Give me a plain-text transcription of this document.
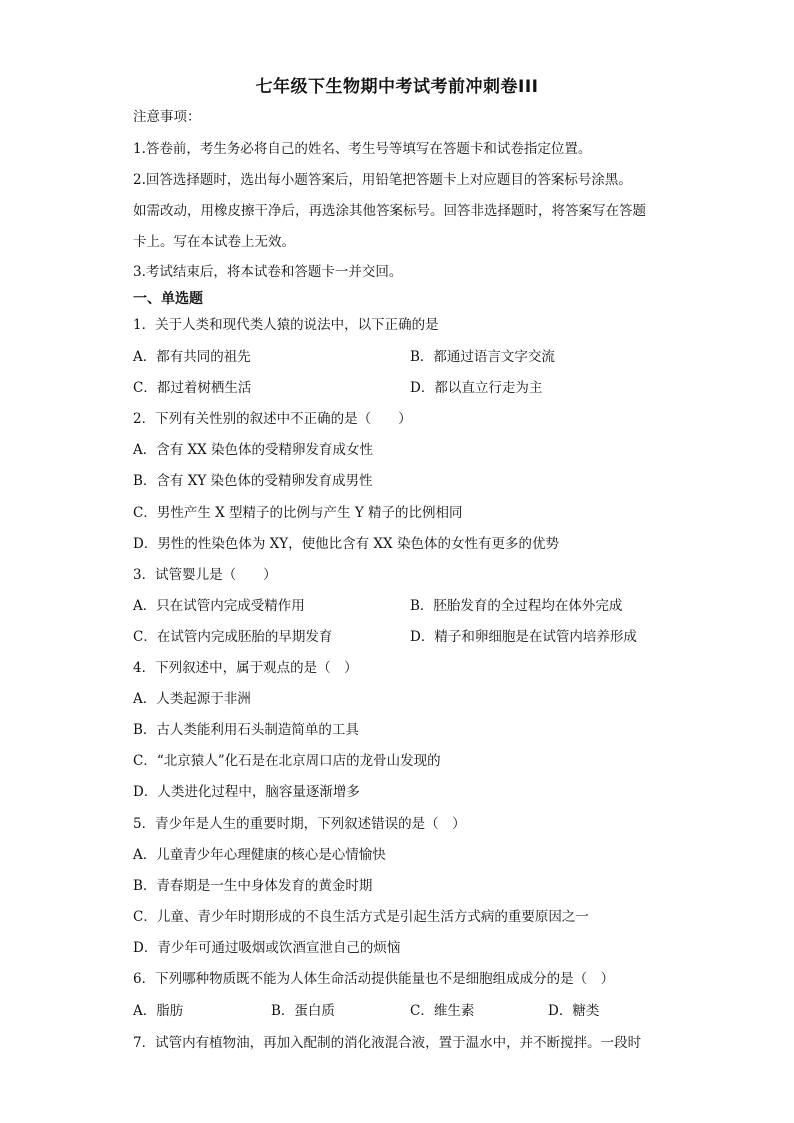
七年级下生物期中考试考前冲刺卷III
注意事项：
1.答卷前，考生务必将自己的姓名、考生号等填写在答题卡和试卷指定位置。
2.回答选择题时，选出每小题答案后，用铅笔把答题卡上对应题目的答案标号涂黑。
如需改动，用橡皮擦干净后，再选涂其他答案标号。回答非选择题时，将答案写在答题
卡上。写在本试卷上无效。
3.考试结束后，将本试卷和答题卡一并交回。
一、单选题
1．关于人类和现代类人猿的说法中，以下正确的是
A．都有共同的祖先	B．都通过语言文字交流
C．都过着树栖生活	D．都以直立行走为主
2．下列有关性别的叙述中不正确的是（　　）
A．含有 XX 染色体的受精卵发育成女性
B．含有 XY 染色体的受精卵发育成男性
C．男性产生 X 型精子的比例与产生 Y 精子的比例相同
D．男性的性染色体为 XY，使他比含有 XX 染色体的女性有更多的优势
3．试管婴儿是（　　）
A．只在试管内完成受精作用	B．胚胎发育的全过程均在体外完成
C．在试管内完成胚胎的早期发育	D．精子和卵细胞是在试管内培养形成
4．下列叙述中，属于观点的是（　）
A．人类起源于非洲
B．古人类能利用石头制造简单的工具
C．“北京猿人”化石是在北京周口店的龙骨山发现的
D．人类进化过程中，脑容量逐渐增多
5．青少年是人生的重要时期，下列叙述错误的是（　）
A．儿童青少年心理健康的核心是心情愉快
B．青春期是一生中身体发育的黄金时期
C．儿童、青少年时期形成的不良生活方式是引起生活方式病的重要原因之一
D．青少年可通过吸烟或饮酒宣泄自己的烦恼
6．下列哪种物质既不能为人体生命活动提供能量也不是细胞组成成分的是（　）
A．脂肪	B．蛋白质	C．维生素	D．糖类
7．试管内有植物油，再加入配制的消化液混合液，置于温水中，并不断搅拌。一段时
